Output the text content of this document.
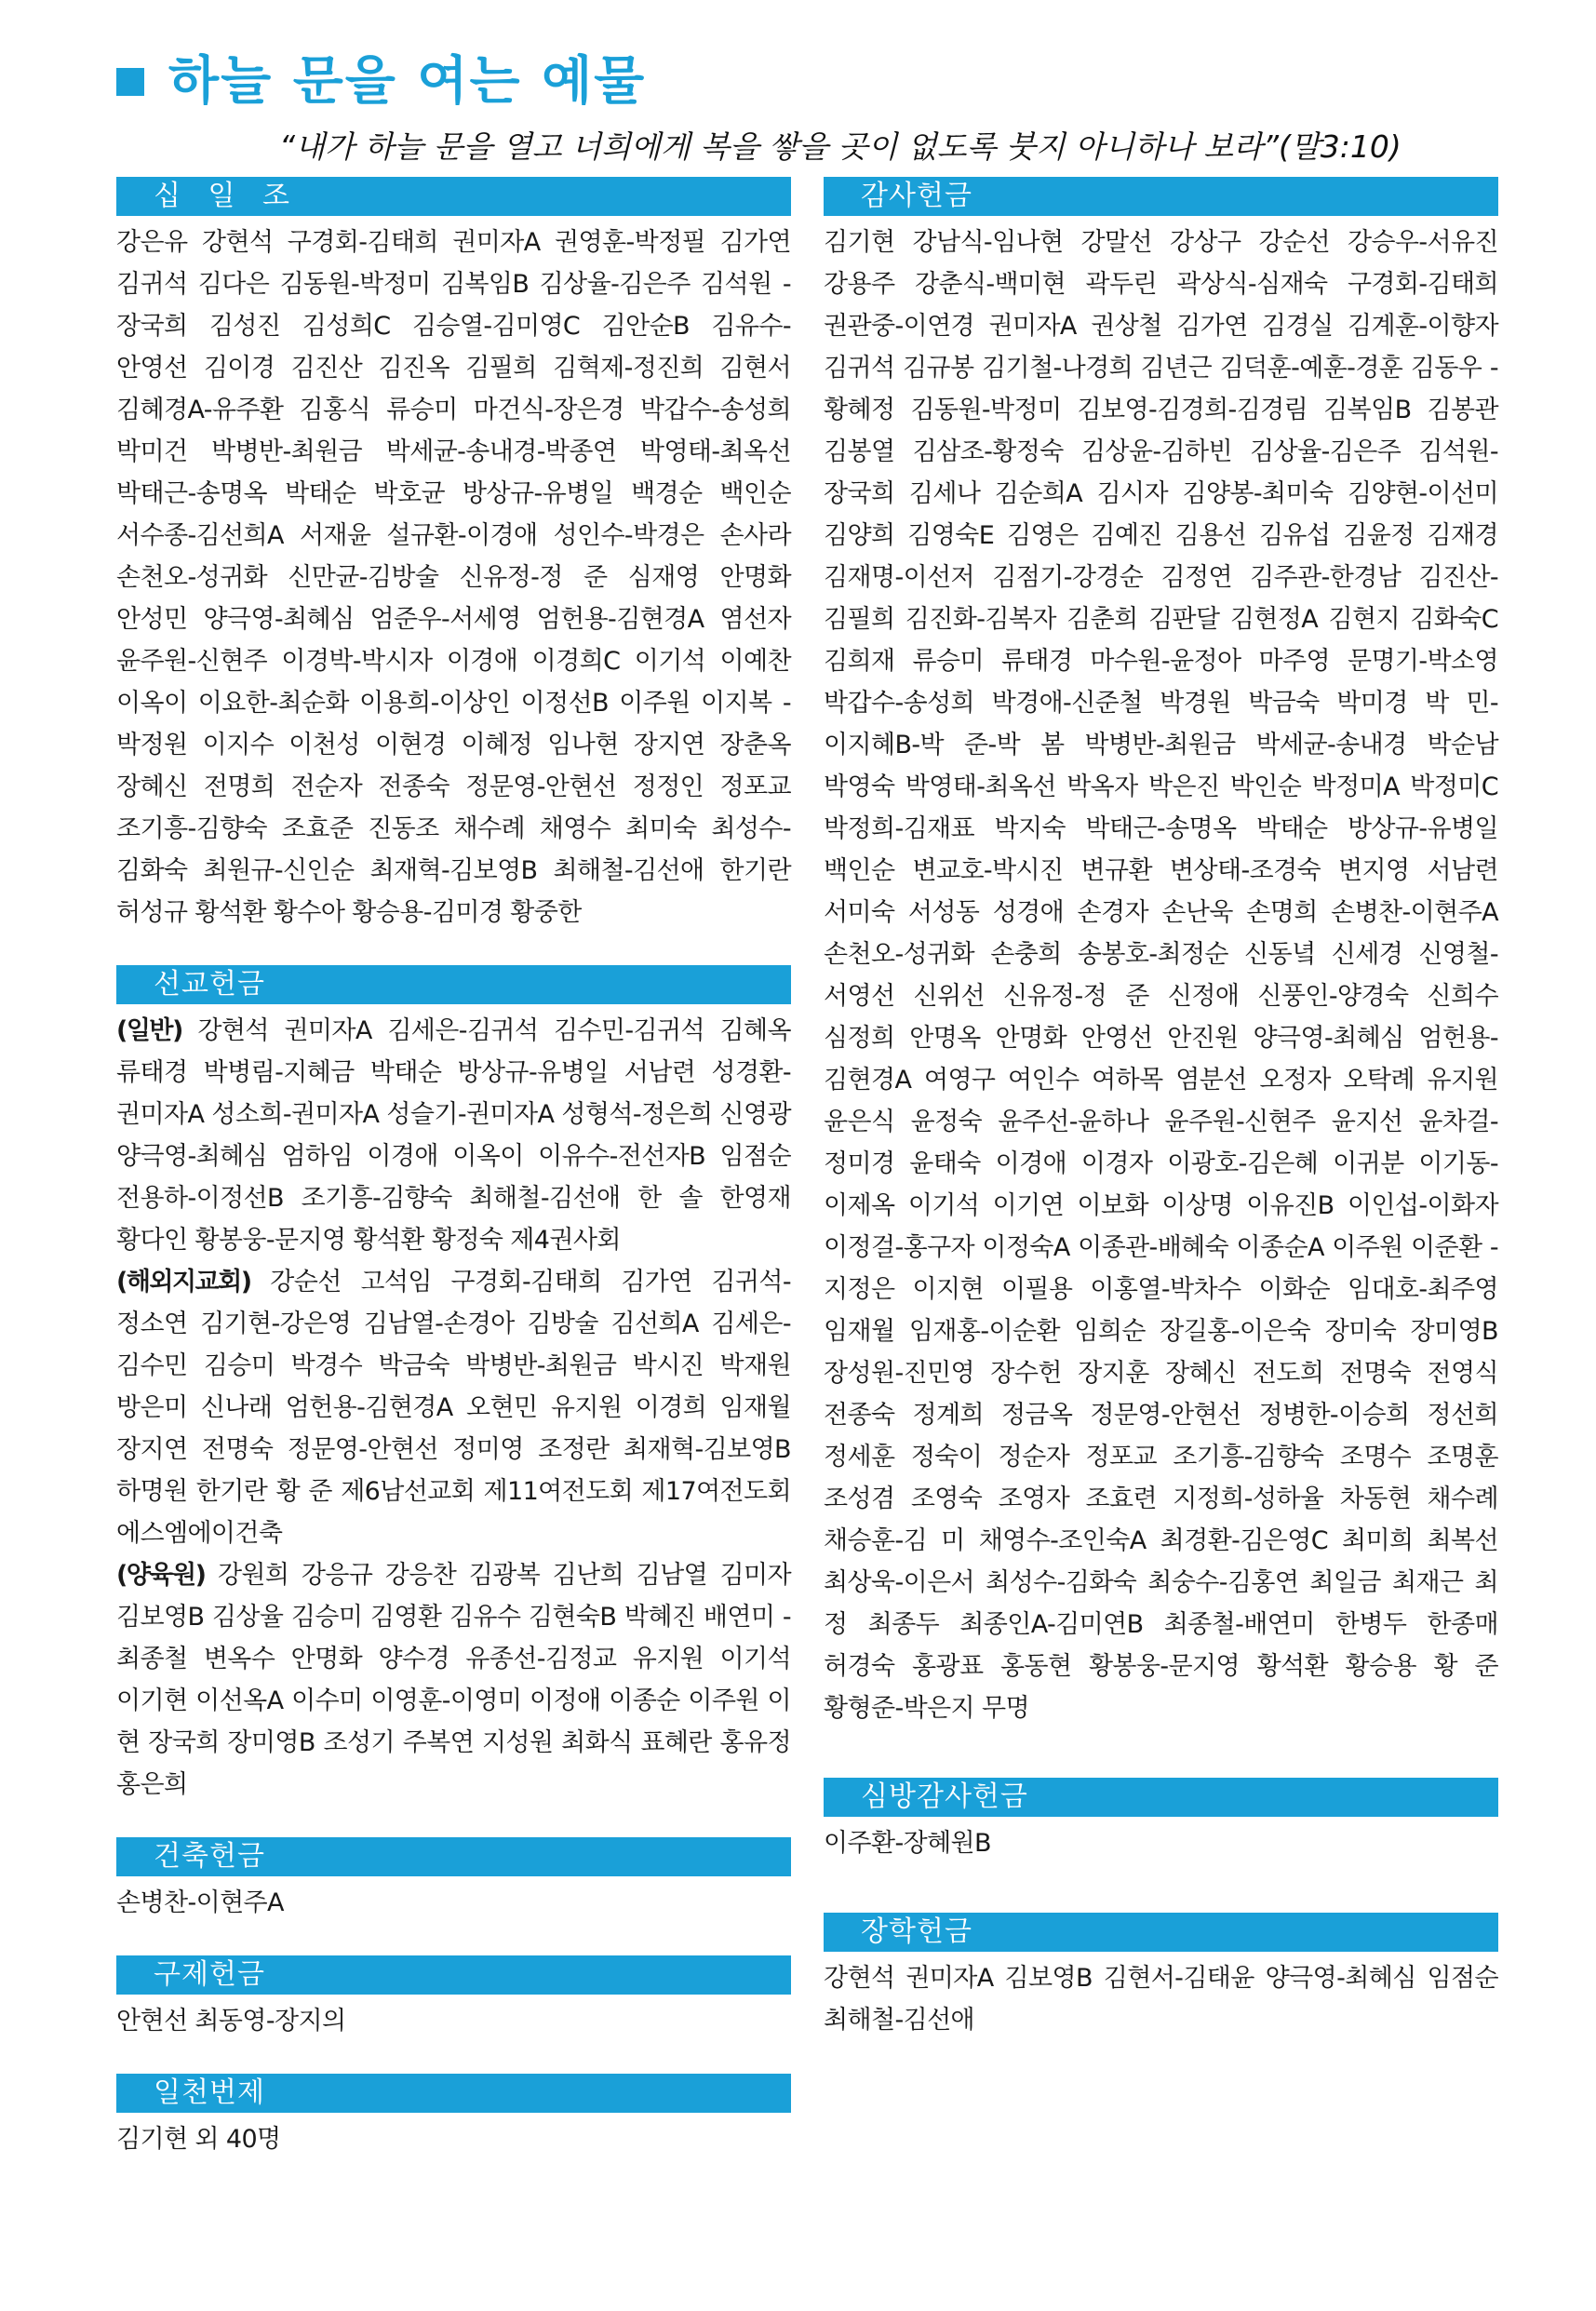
하늘 문을 여는 예물
“내가 하늘 문을 열고 너희에게 복을 쌓을 곳이 없도록 붓지 아니하나 보라”(말3:10)
십 일 조

강은유 강현석 구경회-김태희 권미자A 권영훈-박정필 김가연 김귀석 김다은 김동원-박정미 김복임B 김상율-김은주 김석원 -장국희 김성진 김성희C 김승열-김미영C 김안순B 김유수- 안영선 김이경 김진산 김진옥 김필희 김혁제-정진희 김현서 김혜경A-유주환 김홍식 류승미 마건식-장은경 박갑수-송성희 박미건 박병반-최원금 박세균-송내경-박종연 박영태-최옥선 박태근-송명옥 박태순 박호균 방상규-유병일 백경순 백인순 서수종-김선희A 서재윤 설규환-이경애 성인수-박경은 손사라 손천오-성귀화 신만균-김방술 신유정-정 준 심재영 안명화 안성민 양극영-최혜심 엄준우-서세영 엄헌용-김현경A 염선자 윤주원-신현주 이경박-박시자 이경애 이경희C 이기석 이예찬 이옥이 이요한-최순화 이용희-이상인 이정선B 이주원 이지복 -박정원 이지수 이천성 이현경 이혜정 임나현 장지연 장춘옥 장혜신 전명희 전순자 전종숙 정문영-안현선 정정인 정포교 조기흥-김향숙 조효준 진동조 채수례 채영수 최미숙 최성수- 김화숙 최원규-신인순 최재혁-김보영B 최해철-김선애 한기란 허성규 황석환 황수아 황승용-김미경 황중한

선교헌금

(일반) 강현석 권미자A 김세은-김귀석 김수민-김귀석 김혜옥 류태경 박병림-지혜금 박태순 방상규-유병일 서남련 성경환- 권미자A 성소희-권미자A 성슬기-권미자A 성형석-정은희 신영광 양극영-최혜심 엄하임 이경애 이옥이 이유수-전선자B 임점순 전용하-이정선B 조기흥-김향숙 최해철-김선애 한 솔 한영재 황다인 황봉웅-문지영 황석환 황정숙 제4권사회

(해외지교회) 강순선 고석임 구경회-김태희 김가연 김귀석-정소연 김기현-강은영 김남열-손경아 김방술 김선희A 김세은-김수민 김승미 박경수 박금숙 박병반-최원금 박시진 박재원 방은미 신나래 엄헌용-김현경A 오현민 유지원 이경희 임재월 장지연 전명숙 정문영-안현선 정미영 조정란 최재혁-김보영B 하명원 한기란 황 준 제6남선교회 제11여전도회 제17여전도회 에스엠에이건축

(양육원) 강원희 강응규 강응찬 김광복 김난희 김남열 김미자 김보영B 김상율 김승미 김영환 김유수 김현숙B 박혜진 배연미 -최종철 변옥수 안명화 양수경 유종선-김정교 유지원 이기석 이기현 이선옥A 이수미 이영훈-이영미 이정애 이종순 이주원 이 현 장국희 장미영B 조성기 주복연 지성원 최화식 표혜란 홍유정 홍은희

건축헌금

손병찬-이현주A

구제헌금

안현선 최동영-장지의

일천번제

김기현 외 40명

감사헌금

김기현 강남식-임나현 강말선 강상구 강순선 강승우-서유진 강용주 강춘식-백미현 곽두린 곽상식-심재숙 구경회-김태희 권관중-이연경 권미자A 권상철 김가연 김경실 김계훈-이향자 김귀석 김규봉 김기철-나경희 김년근 김덕훈-예훈-경훈 김동우 -황혜정 김동원-박정미 김보영-김경희-김경림 김복임B 김봉관 김봉열 김삼조-황정숙 김상윤-김하빈 김상율-김은주 김석원- 장국희 김세나 김순희A 김시자 김양봉-최미숙 김양현-이선미 김양희 김영숙E 김영은 김예진 김용선 김유섭 김윤정 김재경 김재명-이선저 김점기-강경순 김정연 김주관-한경남 김진산- 김필희 김진화-김복자 김춘희 김판달 김현정A 김현지 김화숙C 김희재 류승미 류태경 마수원-윤정아 마주영 문명기-박소영 박갑수-송성희 박경애-신준철 박경원 박금숙 박미경 박 민- 이지혜B-박 준-박 봄 박병반-최원금 박세균-송내경 박순남 박영숙 박영태-최옥선 박옥자 박은진 박인순 박정미A 박정미C 박정희-김재표 박지숙 박태근-송명옥 박태순 방상규-유병일 백인순 변교호-박시진 변규환 변상태-조경숙 변지영 서남련 서미숙 서성동 성경애 손경자 손난욱 손명희 손병찬-이현주A 손천오-성귀화 손충희 송봉호-최정순 신동녘 신세경 신영철- 서영선 신위선 신유정-정 준 신정애 신풍인-양경숙 신희수 심정희 안명옥 안명화 안영선 안진원 양극영-최혜심 엄헌용- 김현경A 여영구 여인수 여하목 염분선 오정자 오탁례 유지원 윤은식 윤정숙 윤주선-윤하나 윤주원-신현주 윤지선 윤차걸- 정미경 윤태숙 이경애 이경자 이광호-김은혜 이귀분 이기동- 이제옥 이기석 이기연 이보화 이상명 이유진B 이인섭-이화자 이정걸-홍구자 이정숙A 이종관-배혜숙 이종순A 이주원 이준환 -지정은 이지현 이필용 이홍열-박차수 이화순 임대호-최주영 임재월 임재홍-이순환 임희순 장길홍-이은숙 장미숙 장미영B 장성원-진민영 장수헌 장지훈 장혜신 전도희 전명숙 전영식 전종숙 정계희 정금옥 정문영-안현선 정병한-이승희 정선희 정세훈 정숙이 정순자 정포교 조기흥-김향숙 조명수 조명훈 조성겸 조영숙 조영자 조효련 지정희-성하율 차동현 채수례 채승훈-김 미 채영수-조인숙A 최경환-김은영C 최미희 최복선 최상욱-이은서 최성수-김화숙 최숭수-김홍연 최일금 최재근 최 정 최종두 최종인A-김미연B 최종철-배연미 한병두 한종매 허경숙 홍광표 홍동현 황봉웅-문지영 황석환 황승용 황 준 황형준-박은지 무명

심방감사헌금

이주환-장혜원B

장학헌금

강현석 권미자A 김보영B 김현서-김태윤 양극영-최혜심 임점순 최해철-김선애
